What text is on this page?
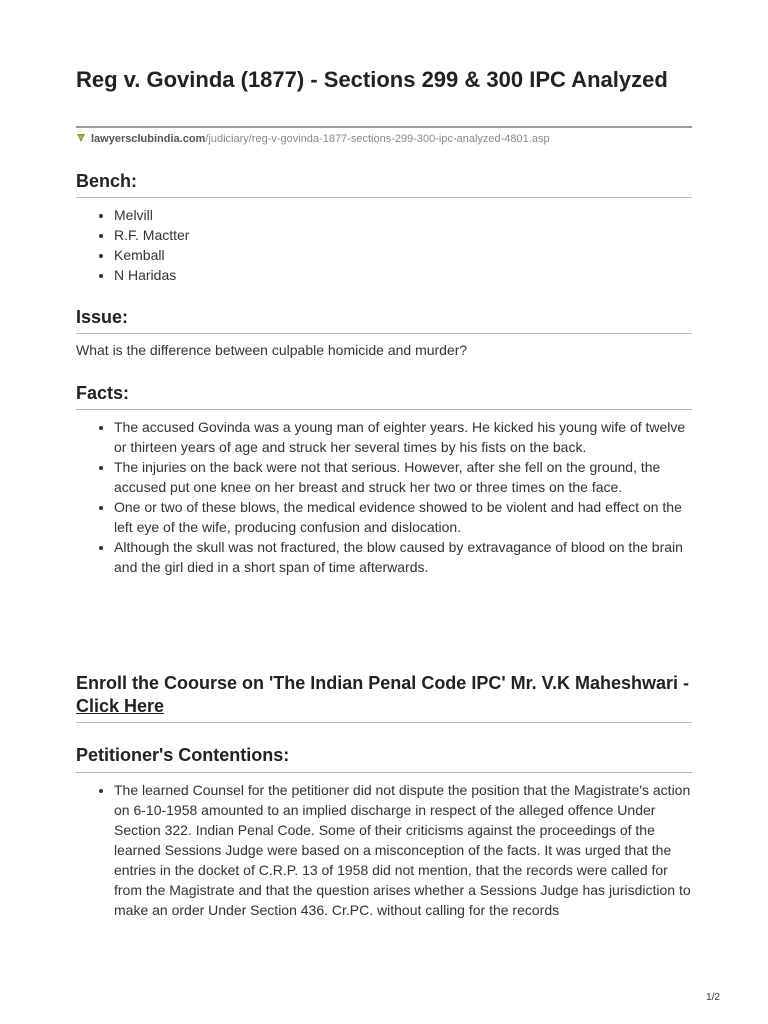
Reg v. Govinda (1877) - Sections 299 & 300 IPC Analyzed
lawyersclubindia.com/judiciary/reg-v-govinda-1877-sections-299-300-ipc-analyzed-4801.asp
Bench:
• Melvill
• R.F. Mactter
• Kemball
• N Haridas
Issue:

What is the difference between culpable homicide and murder?

Facts:
• The accused Govinda was a young man of eighter years. He kicked his young wife of twelve or thirteen years of age and struck her several times by his fists on the back.
• The injuries on the back were not that serious. However, after she fell on the ground, the accused put one knee on her breast and struck her two or three times on the face.
• One or two of these blows, the medical evidence showed to be violent and had effect on the left eye of the wife, producing confusion and dislocation.
• Although the skull was not fractured, the blow caused by extravagance of blood on the brain and the girl died in a short span of time afterwards.
Enroll the Coourse on 'The Indian Penal Code IPC' Mr. V.K Maheshwari - Click Here
Petitioner's Contentions:
• The learned Counsel for the petitioner did not dispute the position that the Magistrate's action on 6-10-1958 amounted to an implied discharge in respect of the alleged offence Under Section 322. Indian Penal Code. Some of their criticisms against the proceedings of the learned Sessions Judge were based on a misconception of the facts. It was urged that the entries in the docket of C.R.P. 13 of 1958 did not mention, that the records were called for from the Magistrate and that the question arises whether a Sessions Judge has jurisdiction to make an order Under Section 436. Cr.PC. without calling for the records
1/2
